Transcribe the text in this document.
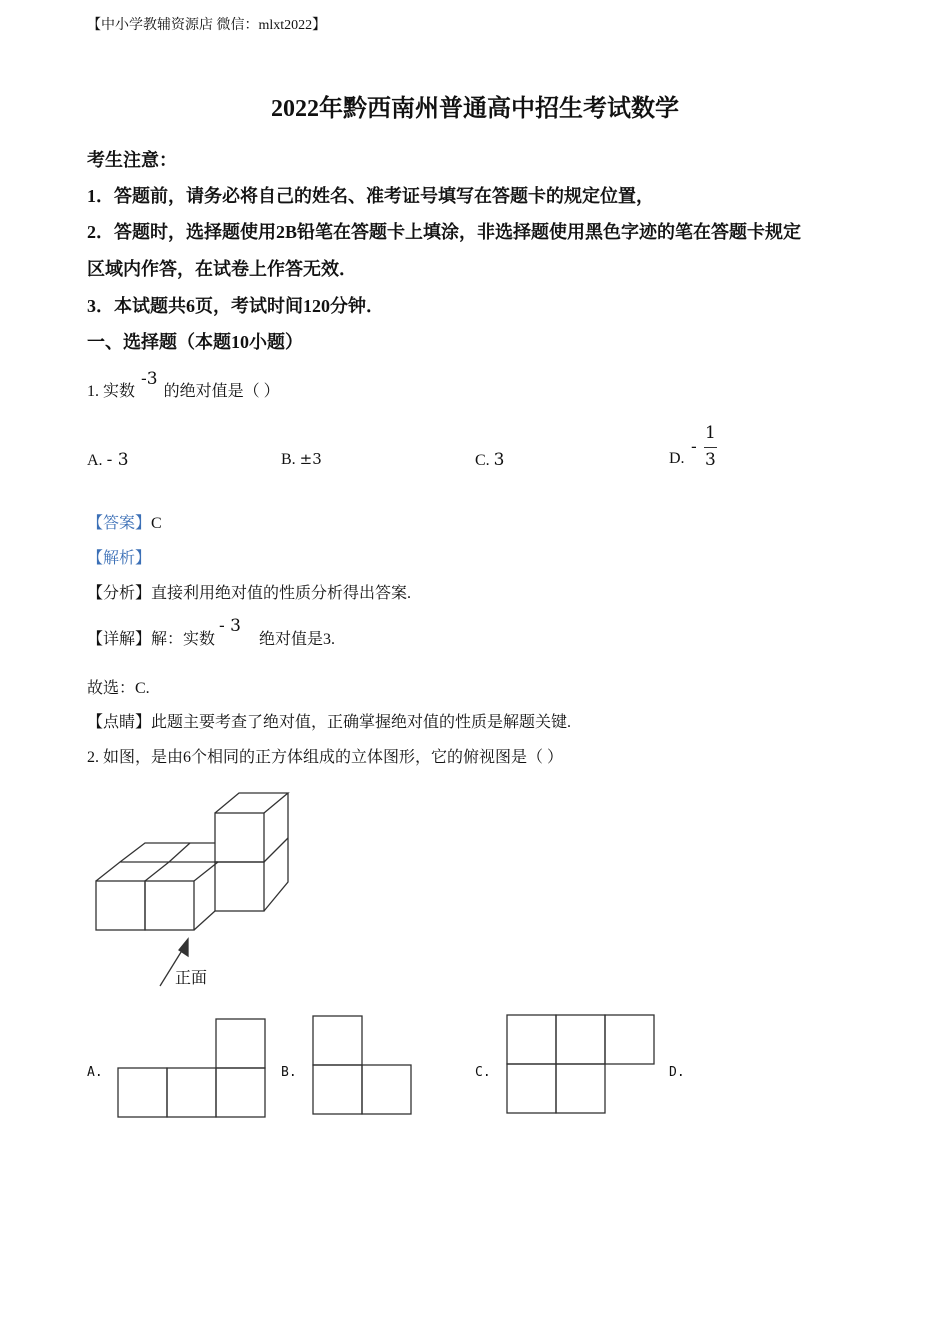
【中小学教辅资源店 微信：mlxt2022】
2022年黔西南州普通高中招生考试数学
考生注意：
1．答题前，请务必将自己的姓名、准考证号填写在答题卡的规定位置，
2．答题时，选择题使用2B铅笔在答题卡上填涂，非选择题使用黑色字迹的笔在答题卡规定
区域内作答，在试卷上作答无效．
3．本试题共6页，考试时间120分钟．
一、选择题（本题10小题）
1. 实数 -3 的绝对值是（ ）
A. - 3	B. ±3	C. 3	D.
-
1
3
【答案】C
【解析】
【分析】直接利用绝对值的性质分析得出答案.
【详解】解：实数 - 3 绝对值是3.
故选：C.
【点睛】此题主要考查了绝对值，正确掌握绝对值的性质是解题关键.
2. 如图，是由6个相同的正方体组成的立体图形，它的俯视图是（ ）
正面
A.	B.	C.	D.
